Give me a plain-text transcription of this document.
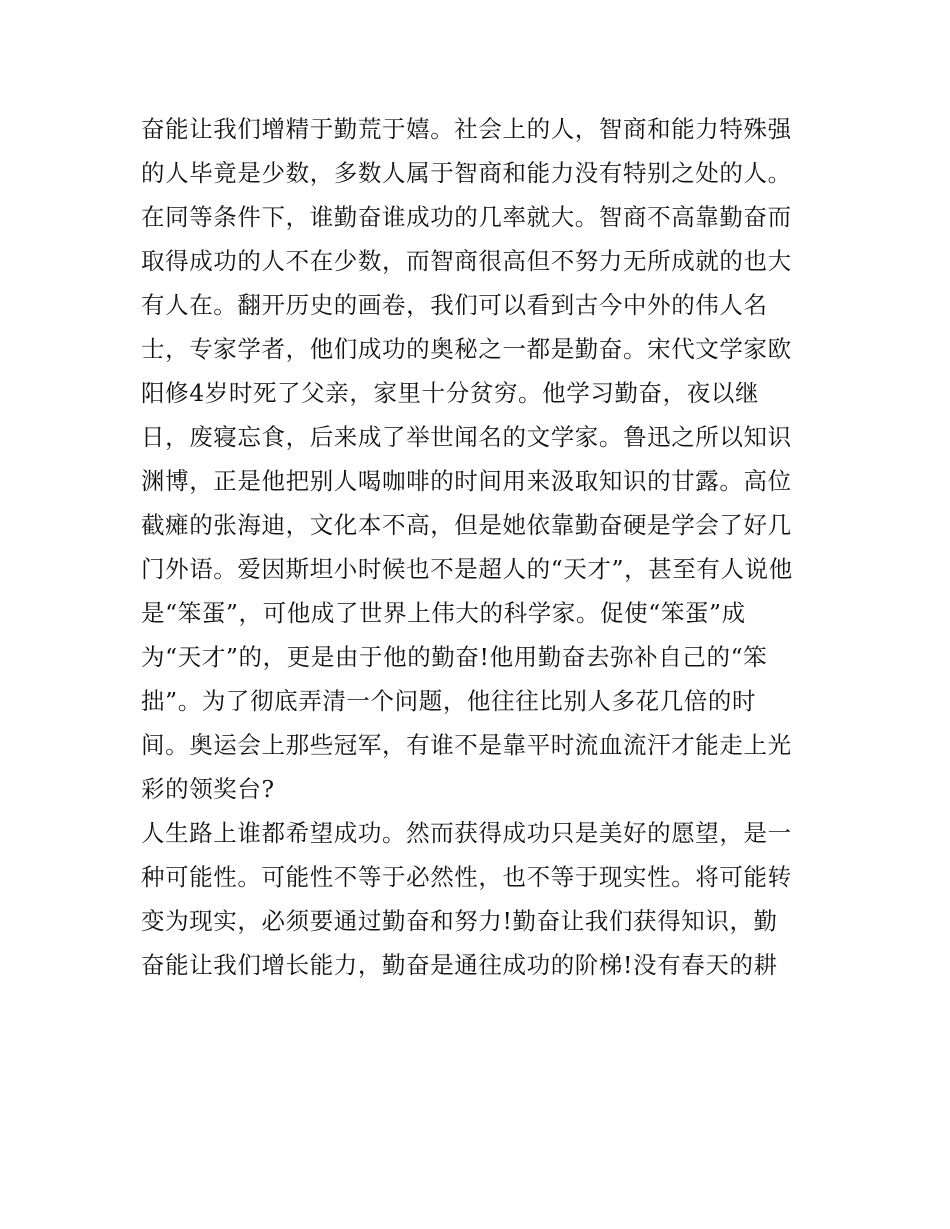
奋能让我们增精于勤荒于嬉。社会上的人，智商和能力特殊强
的人毕竟是少数，多数人属于智商和能力没有特别之处的人。
在同等条件下，谁勤奋谁成功的几率就大。智商不高靠勤奋而
取得成功的人不在少数，而智商很高但不努力无所成就的也大
有人在。翻开历史的画卷，我们可以看到古今中外的伟人名
士，专家学者，他们成功的奥秘之一都是勤奋。宋代文学家欧
阳修4岁时死了父亲，家里十分贫穷。他学习勤奋，夜以继
日，废寝忘食，后来成了举世闻名的文学家。鲁迅之所以知识
渊博，正是他把别人喝咖啡的时间用来汲取知识的甘露。高位
截瘫的张海迪，文化本不高，但是她依靠勤奋硬是学会了好几
门外语。爱因斯坦小时候也不是超人的“天才”，甚至有人说他
是“笨蛋”，可他成了世界上伟大的科学家。促使“笨蛋”成
为“天才”的，更是由于他的勤奋!他用勤奋去弥补自己的“笨
拙”。为了彻底弄清一个问题，他往往比别人多花几倍的时
间。奥运会上那些冠军，有谁不是靠平时流血流汗才能走上光
彩的领奖台?
人生路上谁都希望成功。然而获得成功只是美好的愿望，是一
种可能性。可能性不等于必然性，也不等于现实性。将可能转
变为现实，必须要通过勤奋和努力!勤奋让我们获得知识，勤
奋能让我们增长能力，勤奋是通往成功的阶梯!没有春天的耕
